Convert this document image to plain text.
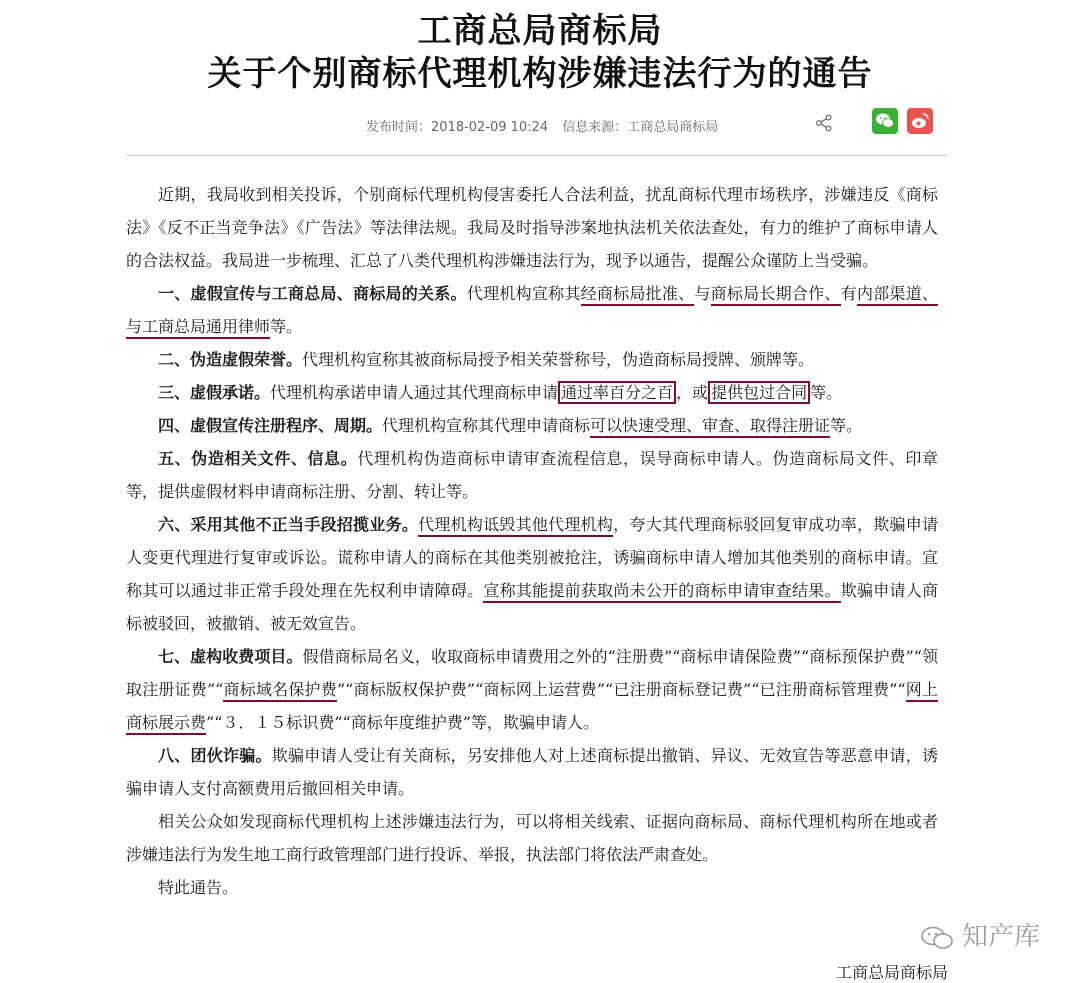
工商总局商标局
关于个别商标代理机构涉嫌违法行为的通告
发布时间：2018-02-09 10:24 信息来源：工商总局商标局

近期，我局收到相关投诉，个别商标代理机构侵害委托人合法利益，扰乱商标代理市场秩序，涉嫌违反《商标法》《反不正当竞争法》《广告法》等法律法规。我局及时指导涉案地执法机关依法查处，有力的维护了商标申请人的合法权益。我局进一步梳理、汇总了八类代理机构涉嫌违法行为，现予以通告，提醒公众谨防上当受骗。

一、虚假宣传与工商总局、商标局的关系。代理机构宣称其经商标局批准、与商标局长期合作、有内部渠道、与工商总局通用律师等。

二、伪造虚假荣誉。代理机构宣称其被商标局授予相关荣誉称号，伪造商标局授牌、颁牌等。

三、虚假承诺。代理机构承诺申请人通过其代理商标申请 通过率百分之百 ，或 提供包过合同 等。

四、虚假宣传注册程序、周期。代理机构宣称其代理申请商标可以快速受理、审查、取得注册证等。

五、伪造相关文件、信息。代理机构伪造商标申请审查流程信息，误导商标申请人。伪造商标局文件、印章等，提供虚假材料申请商标注册、分割、转让等。

六、采用其他不正当手段招揽业务。代理机构诋毁其他代理机构，夸大其代理商标驳回复审成功率，欺骗申请人变更代理进行复审或诉讼。谎称申请人的商标在其他类别被抢注，诱骗商标申请人增加其他类别的商标申请。宣称其可以通过非正常手段处理在先权利申请障碍。宣称其能提前获取尚未公开的商标申请审查结果。欺骗申请人商标被驳回，被撤销、被无效宣告。

七、虚构收费项目。假借商标局名义，收取商标申请费用之外的“注册费”“商标申请保险费”“商标预保护费”“领取注册证费”“商标域名保护费”“商标版权保护费”“商标网上运营费”“已注册商标登记费”“已注册商标管理费”“网上商标展示费”“３．１５标识费”“商标年度维护费”等，欺骗申请人。

八、团伙诈骗。欺骗申请人受让有关商标，另安排他人对上述商标提出撤销、异议、无效宣告等恶意申请，诱骗申请人支付高额费用后撤回相关申请。

相关公众如发现商标代理机构上述涉嫌违法行为，可以将相关线索、证据向商标局、商标代理机构所在地或者涉嫌违法行为发生地工商行政管理部门进行投诉、举报，执法部门将依法严肃查处。

特此通告。

知产库
工商总局商标局
